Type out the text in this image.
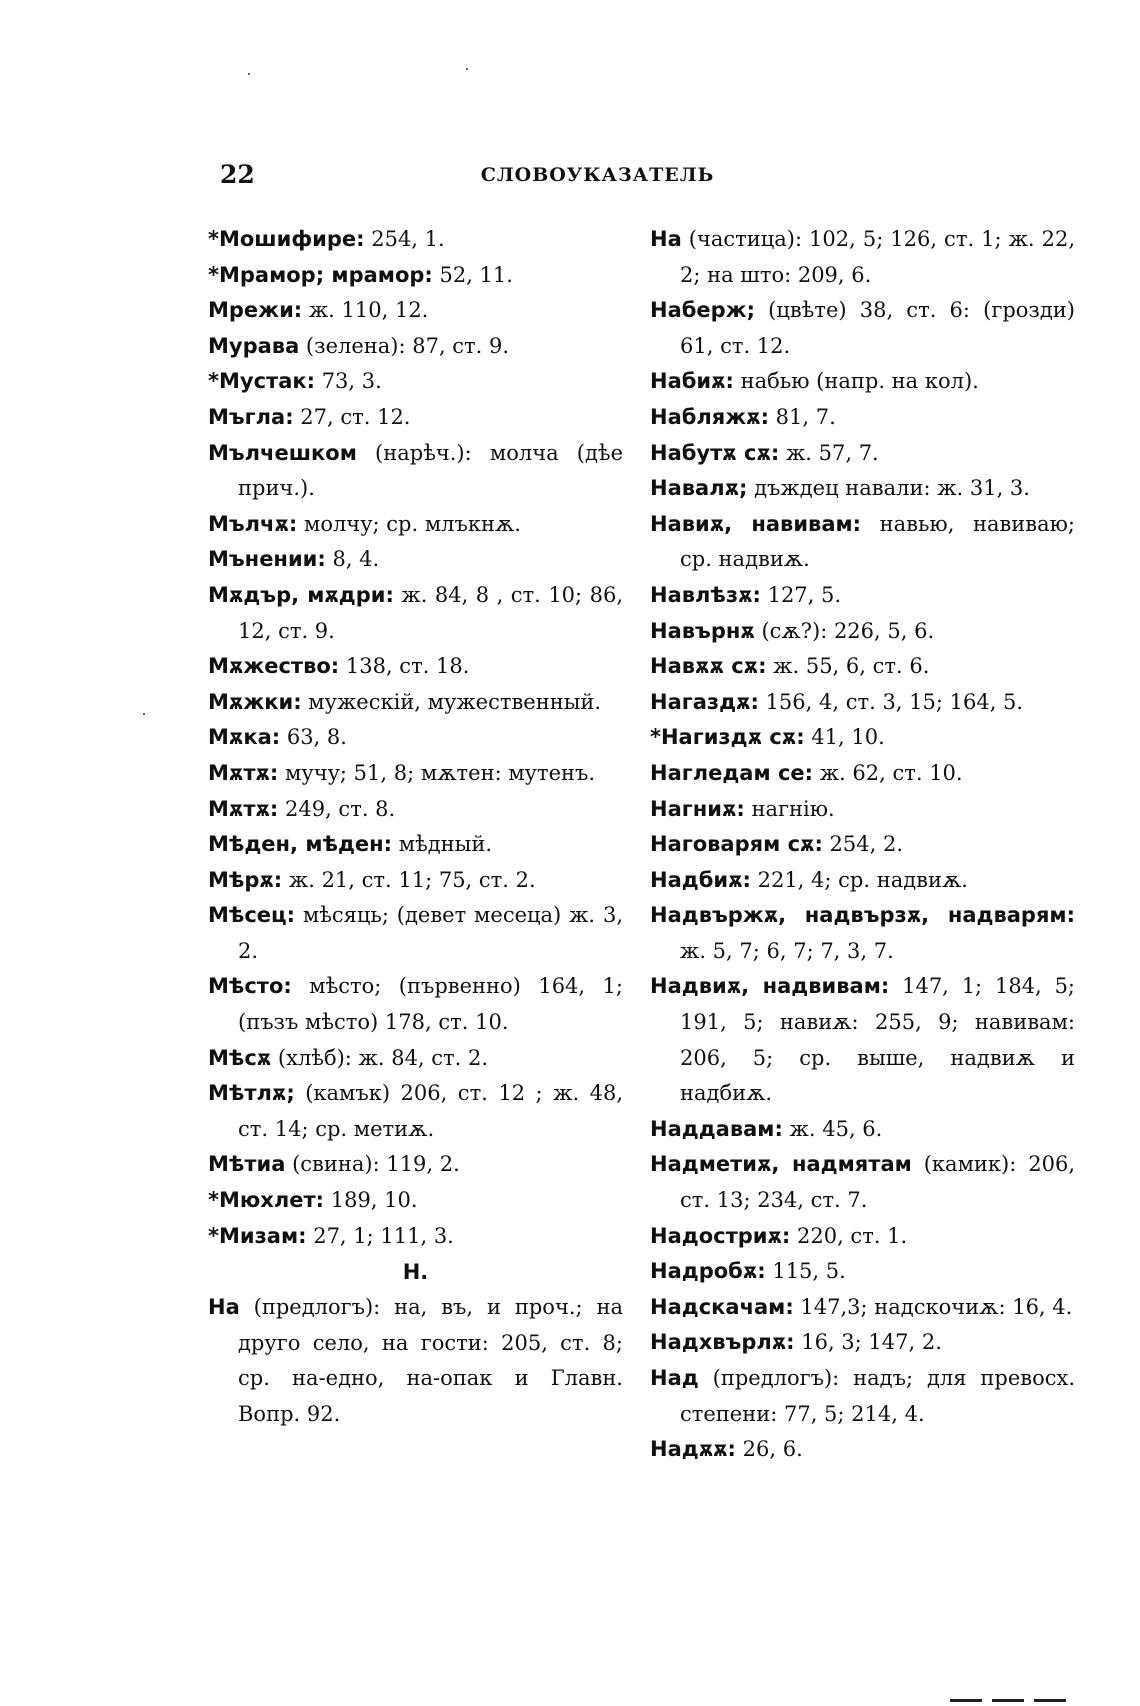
22	СЛОВОУКАЗАТЕЛЬ
*Мошифире: 254, 1.
*Мрамор; мрамор: 52, 11.
Мрежи: ж. 110, 12.
Мурава (зелена): 87, ст. 9.
*Мустак: 73, 3.
Мъгла: 27, ст. 12.
Мълчешком (нарѣч.): молча (дѣе прич.).
Мълчѫ: молчу; ср. млъкнѫ.
Мънении: 8, 4.
Мѫдър, мѫдри: ж. 84, 8 , ст. 10; 86, 12, ст. 9.
Мѫжество: 138, ст. 18.
Мѫжки: мужескій, мужественный.
Мѫка: 63, 8.
Мѫтѫ: мучу; 51, 8; мѫтен: мутенъ.
Мѫтѫ: 249, ст. 8.
Мѣден, мѣден: мѣдный.
Мѣрѫ: ж. 21, ст. 11; 75, ст. 2.
Мѣсец: мѣсяць; (девет месеца) ж. 3, 2.
Мѣсто: мѣсто; (първенно) 164, 1; (пъзъ мѣсто) 178, ст. 10.
Мѣсѫ (хлѣб): ж. 84, ст. 2.
Мѣтлѫ; (камък) 206, ст. 12 ; ж. 48, ст. 14; ср. метиѫ.
Мѣтиа (свина): 119, 2.
*Мюхлет: 189, 10.
*Мизам: 27, 1; 111, 3.
Н.
На (предлогъ): на, въ, и проч.; на друго село, на гости: 205, ст. 8; ср. на-едно, на-опак и Главн. Вопр. 92.
На (частица): 102, 5; 126, ст. 1; ж. 22, 2; на што: 209, 6.
Наберж; (цвѣте) 38, ст. 6: (грозди) 61, ст. 12.
Набиѫ: набью (напр. на кол).
Набляжѫ: 81, 7.
Набутѫ сѫ: ж. 57, 7.
Навалѫ; дъждец навали: ж. 31, 3.
Навиѫ, навивам: навью, навиваю; ср. надвиѫ.
Навлѣзѫ: 127, 5.
Навърнѫ (сѫ?): 226, 5, 6.
Навѫѫ сѫ: ж. 55, 6, ст. 6.
Нагаздѫ: 156, 4, ст. 3, 15; 164, 5.
*Нагиздѫ сѫ: 41, 10.
Нагледам се: ж. 62, ст. 10.
Нагниѫ: нагнію.
Наговарям сѫ: 254, 2.
Надбиѫ: 221, 4; ср. надвиѫ.
Надвържѫ, надвързѫ, надварям: ж. 5, 7; 6, 7; 7, 3, 7.
Надвиѫ, надвивам: 147, 1; 184, 5; 191, 5; навиѫ: 255, 9; навивам: 206, 5; ср. выше, надвиѫ и надбиѫ.
Наддавам: ж. 45, 6.
Надметиѫ, надмятам (камик): 206, ст. 13; 234, ст. 7.
Надостриѫ: 220, ст. 1.
Надробѫ: 115, 5.
Надскачам: 147,3; надскочиѫ: 16, 4.
Надхвърлѫ: 16, 3; 147, 2.
Над (предлогъ): надъ; для превосх. степени: 77, 5; 214, 4.
Надѫѫ: 26, 6.
